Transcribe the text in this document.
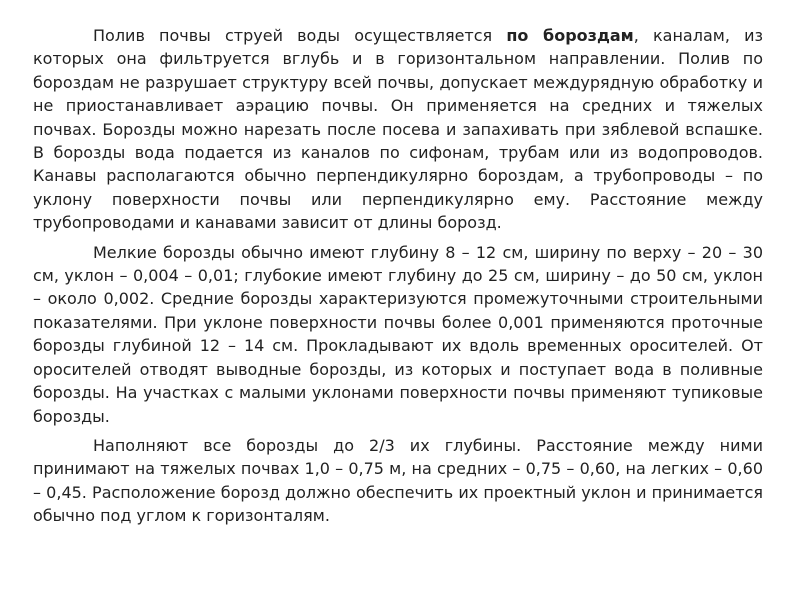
Полив почвы струей воды осуществляется по бороздам, каналам, из которых она фильтруется вглубь и в горизонтальном направлении. Полив по бороздам не разрушает структуру всей почвы, допускает междурядную обработку и не приостанавливает аэрацию почвы. Он применяется на средних и тяжелых почвах. Борозды можно нарезать после посева и запахивать при зяблевой вспашке. В борозды вода подается из каналов по сифонам, трубам или из водопроводов. Канавы располагаются обычно перпендикулярно бороздам, а трубопроводы – по уклону поверхности почвы или перпендикулярно ему. Расстояние между трубопроводами и канавами зависит от длины борозд.

Мелкие борозды обычно имеют глубину 8 – 12 см, ширину по верху – 20 – 30 см, уклон – 0,004 – 0,01; глубокие имеют глубину до 25 см, ширину – до 50 см, уклон – около 0,002. Средние борозды характеризуются промежуточными строительными показателями. При уклоне поверхности почвы более 0,001 применяются проточные борозды глубиной 12 – 14 см. Прокладывают их вдоль временных оросителей. От оросителей отводят выводные борозды, из которых и поступает вода в поливные борозды. На участках с малыми уклонами поверхности почвы применяют тупиковые борозды.

Наполняют все борозды до 2/3 их глубины. Расстояние между ними принимают на тяжелых почвах 1,0 – 0,75 м, на средних – 0,75 – 0,60, на легких – 0,60 – 0,45. Расположение борозд должно обеспечить их проектный уклон и принимается обычно под углом к горизонталям.
